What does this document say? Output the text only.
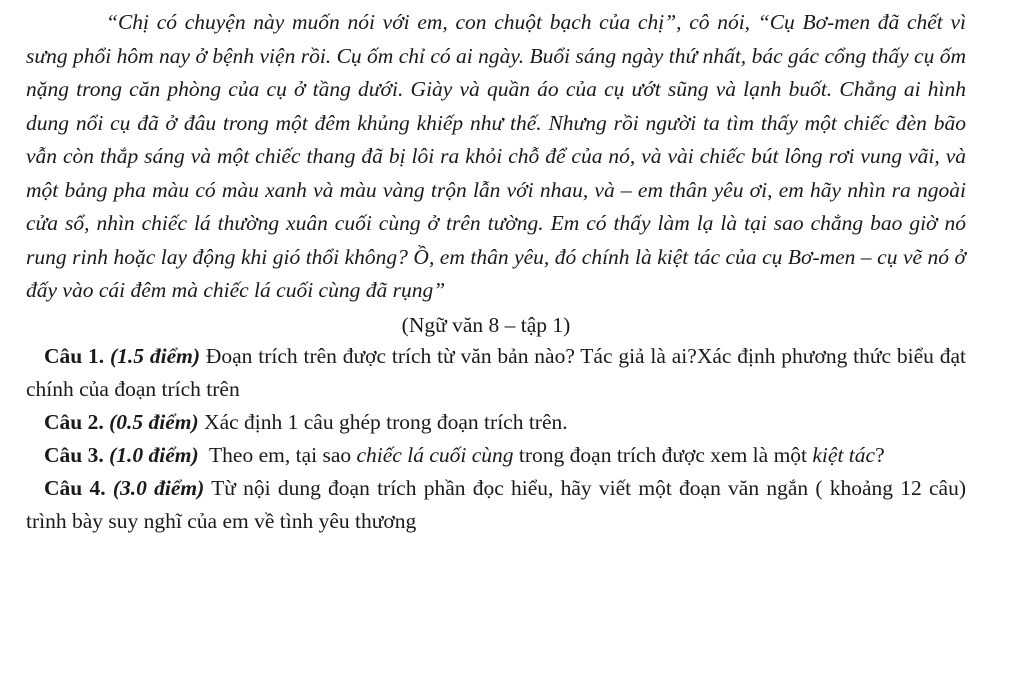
“Chị có chuyện này muốn nói với em, con chuột bạch của chị”, cô nói, “Cụ Bơ-men đã chết vì sưng phổi hôm nay ở bệnh viện rồi. Cụ ốm chỉ có ai ngày. Buổi sáng ngày thứ nhất, bác gác cổng thấy cụ ốm nặng trong căn phòng của cụ ở tầng dưới. Giày và quần áo của cụ ướt sũng và lạnh buốt. Chẳng ai hình dung nổi cụ đã ở đâu trong một đêm khủng khiếp như thế. Nhưng rồi người ta tìm thấy một chiếc đèn bão vẫn còn thắp sáng và một chiếc thang đã bị lôi ra khỏi chỗ để của nó, và vài chiếc bút lông rơi vung vãi, và một bảng pha màu có màu xanh và màu vàng trộn lẫn với nhau, và – em thân yêu ơi, em hãy nhìn ra ngoài cửa sổ, nhìn chiếc lá thường xuân cuối cùng ở trên tường. Em có thấy làm lạ là tại sao chẳng bao giờ nó rung rinh hoặc lay động khi gió thổi không? Ồ, em thân yêu, đó chính là kiệt tác của cụ Bơ-men – cụ vẽ nó ở đấy vào cái đêm mà chiếc lá cuối cùng đã rụng”

(Ngữ văn 8 – tập 1)

Câu 1. (1.5 điểm) Đoạn trích trên được trích từ văn bản nào? Tác giả là ai?Xác định phương thức biểu đạt chính của đoạn trích trên

Câu 2. (0.5 điểm) Xác định 1 câu ghép trong đoạn trích trên.

Câu 3. (1.0 điểm)  Theo em, tại sao chiếc lá cuối cùng trong đoạn trích được xem là một kiệt tác?

Câu 4. (3.0 điểm) Từ nội dung đoạn trích phần đọc hiểu, hãy viết một đoạn văn ngắn ( khoảng 12 câu) trình bày suy nghĩ của em về tình yêu thương
